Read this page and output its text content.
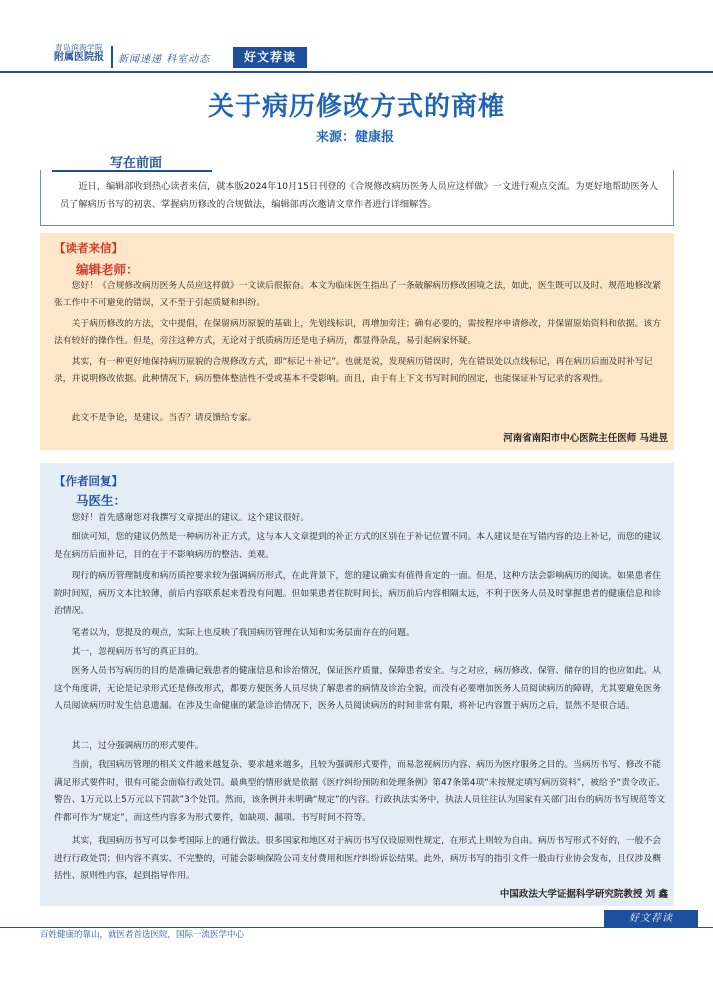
青岛滨海学院
附属医院报	新闻速递 科室动态	好文荐读
关于病历修改方式的商榷
来源：健康报
写在前面
近日，编辑部收到热心读者来信，就本版2024年10月15日刊登的《合规修改病历医务人员应这样做》一文进行观点交流。为更好地帮助医务人员了解病历书写的初衷、掌握病历修改的合规做法，编辑部再次邀请文章作者进行详细解答。
【读者来信】
编辑老师：
您好！《合规修改病历医务人员应这样做》一文读后很振奋。本文为临床医生指出了一条破解病历修改困境之法，如此，医生既可以及时、规范地修改紧张工作中不可避免的错误，又不至于引起质疑和纠纷。
关于病历修改的方法，文中提倡，在保留病历原貌的基础上，先划线标识，再增加旁注；确有必要的，需按程序申请修改，并保留原始资料和依据。该方法有较好的操作性。但是，旁注这种方式，无论对于纸质病历还是电子病历，都显得杂乱，易引起病家怀疑。
其实，有一种更好地保持病历原貌的合规修改方式，即“标记＋补记”。也就是说，发现病历错误时，先在错误处以点线标记，再在病历后面及时补写记录，并说明修改依据。此种情况下，病历整体整洁性不受或基本不受影响。而且，由于有上下文书写时间的固定，也能保证补写记录的客观性。
此文不是争论，是建议。当否？请反馈给专家。
河南省南阳市中心医院主任医师 马进昱
【作者回复】
马医生：
您好！首先感谢您对我撰写文章提出的建议。这个建议很好。
细读可知，您的建议仍然是一种病历补正方式，这与本人文章提到的补正方式的区别在于补记位置不同。本人建议是在写错内容的边上补记，而您的建议是在病历后面补记，目的在于不影响病历的整洁、美观。
现行的病历管理制度和病历质控要求较为强调病历形式，在此背景下，您的建议确实有值得肯定的一面。但是，这种方法会影响病历的阅读。如果患者住院时间短，病历文本比较薄，前后内容联系起来看没有问题。但如果患者住院时间长，病历前后内容相隔太远，不利于医务人员及时掌握患者的健康信息和诊治情况。
笔者以为，您提及的观点，实际上也反映了我国病历管理在认知和实务层面存在的问题。
其一，忽视病历书写的真正目的。
医务人员书写病历的目的是准确记载患者的健康信息和诊治情况，保证医疗质量，保障患者安全。与之对应，病历修改、保管、储存的目的也应如此。从这个角度讲，无论是记录形式还是修改形式，都要方便医务人员尽快了解患者的病情及诊治全貌，而没有必要增加医务人员阅读病历的障碍，尤其要避免医务人员阅读病历时发生信息遗漏。在涉及生命健康的紧急诊治情况下，医务人员阅读病历的时间非常有限，将补记内容置于病历之后，显然不是很合适。
其二，过分强调病历的形式要件。
当前，我国病历管理的相关文件越来越复杂、要求越来越多，且较为强调形式要件，而易忽视病历内容、病历为医疗服务之目的。当病历书写、修改不能满足形式要件时，很有可能会面临行政处罚。最典型的情形就是依据《医疗纠纷预防和处理条例》第47条第4项“未按规定填写病历资料”，被给予“责令改正、警告、1万元以上5万元以下罚款”3个处罚。然而，该条例并未明确“规定”的内容。行政执法实务中，执法人员往往认为国家有关部门出台的病历书写规范等文件都可作为“规定”，而这些内容多为形式要件，如缺项、漏项、书写时间不符等。
其实，我国病历书写可以参考国际上的通行做法。很多国家和地区对于病历书写仅设原则性规定，在形式上则较为自由。病历书写形式不好的，一般不会进行行政处罚；但内容不真实、不完整的，可能会影响保险公司支付费用和医疗纠纷诉讼结果。此外，病历书写的指引文件一般由行业协会发布，且仅涉及概括性、原则性内容，起到指导作用。
中国政法大学证据科学研究院教授 刘 鑫
好文荐读
百姓健康的靠山，就医者首选医院，国际一流医学中心
